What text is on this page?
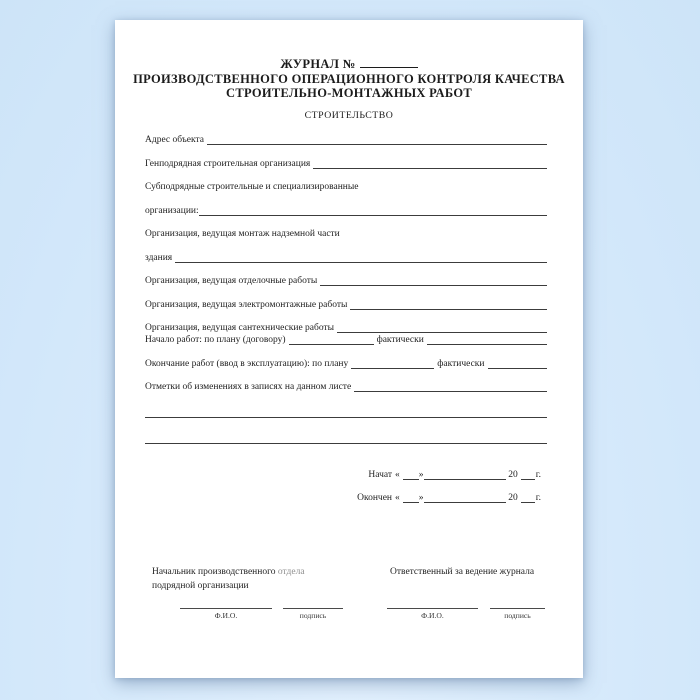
ЖУРНАЛ №
ПРОИЗВОДСТВЕННОГО ОПЕРАЦИОННОГО КОНТРОЛЯ КАЧЕСТВА
СТРОИТЕЛЬНО-МОНТАЖНЫХ РАБОТ
СТРОИТЕЛЬСТВО
Адрес объекта
Генподрядная строительная организация
Субподрядные строительные и специализированные
организации:
Организация, ведущая монтаж надземной части
здания
Организация, ведущая отделочные работы
Организация, ведущая электромонтажные работы
Организация, ведущая сантехнические работы
Начало работ: по плану (договору)	фактически
Окончание работ (ввод в эксплуатацию): по плану	фактически
Отметки об изменениях в записях на данном листе
Начат « »	20 г.
Окончен « »	20 г.
Начальник производственного отдела
подрядной организации
Ответственный за ведение журнала
Ф.И.О.	подпись	Ф.И.О.	подпись
